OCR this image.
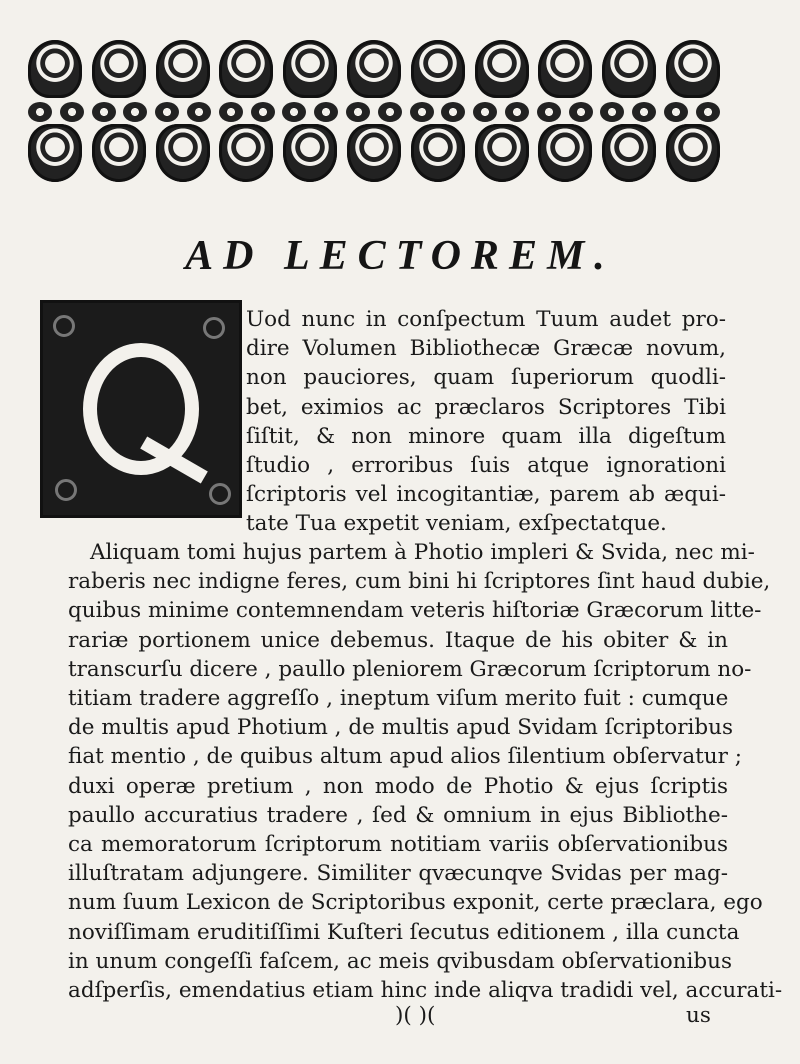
AD LECTOREM.
Uod nunc in conſpectum Tuum audet pro-
dire Volumen Bibliothecæ Græcæ novum,
non pauciores, quam ſuperiorum quodli-
bet, eximios ac præclaros Scriptores Tibi
ſiſtit, & non minore quam illa digeſtum
ſtudio , erroribus ſuis atque ignorationi
ſcriptoris vel incogitantiæ, parem ab æqui-
tate Tua expetit veniam, exſpectatque.
Aliquam tomi hujus partem à Photio impleri & Svida, nec mi-
raberis nec indigne feres, cum bini hi ſcriptores ſint haud dubie,
quibus minime contemnendam veteris hiſtoriæ Græcorum litte-
rariæ portionem unice debemus. Itaque de his obiter & in
transcurſu dicere , paullo pleniorem Græcorum ſcriptorum no-
titiam tradere aggreſſo , ineptum viſum merito fuit : cumque
de multis apud Photium , de multis apud Svidam ſcriptoribus
fiat mentio , de quibus altum apud alios ſilentium obſervatur ;
duxi operæ pretium , non modo de Photio & ejus ſcriptis
paullo accuratius tradere , ſed & omnium in ejus Bibliothe-
ca memoratorum ſcriptorum notitiam variis obſervationibus
illuſtratam adjungere. Similiter qvæcunqve Svidas per mag-
num ſuum Lexicon de Scriptoribus exponit, certe præclara, ego
noviſſimam eruditiſſimi Kuſteri ſecutus editionem , illa cuncta
in unum congeſſi faſcem, ac meis qvibusdam obſervationibus
adſperſis, emendatius etiam hinc inde aliqva tradidi vel, accurati-
)( )(	us
